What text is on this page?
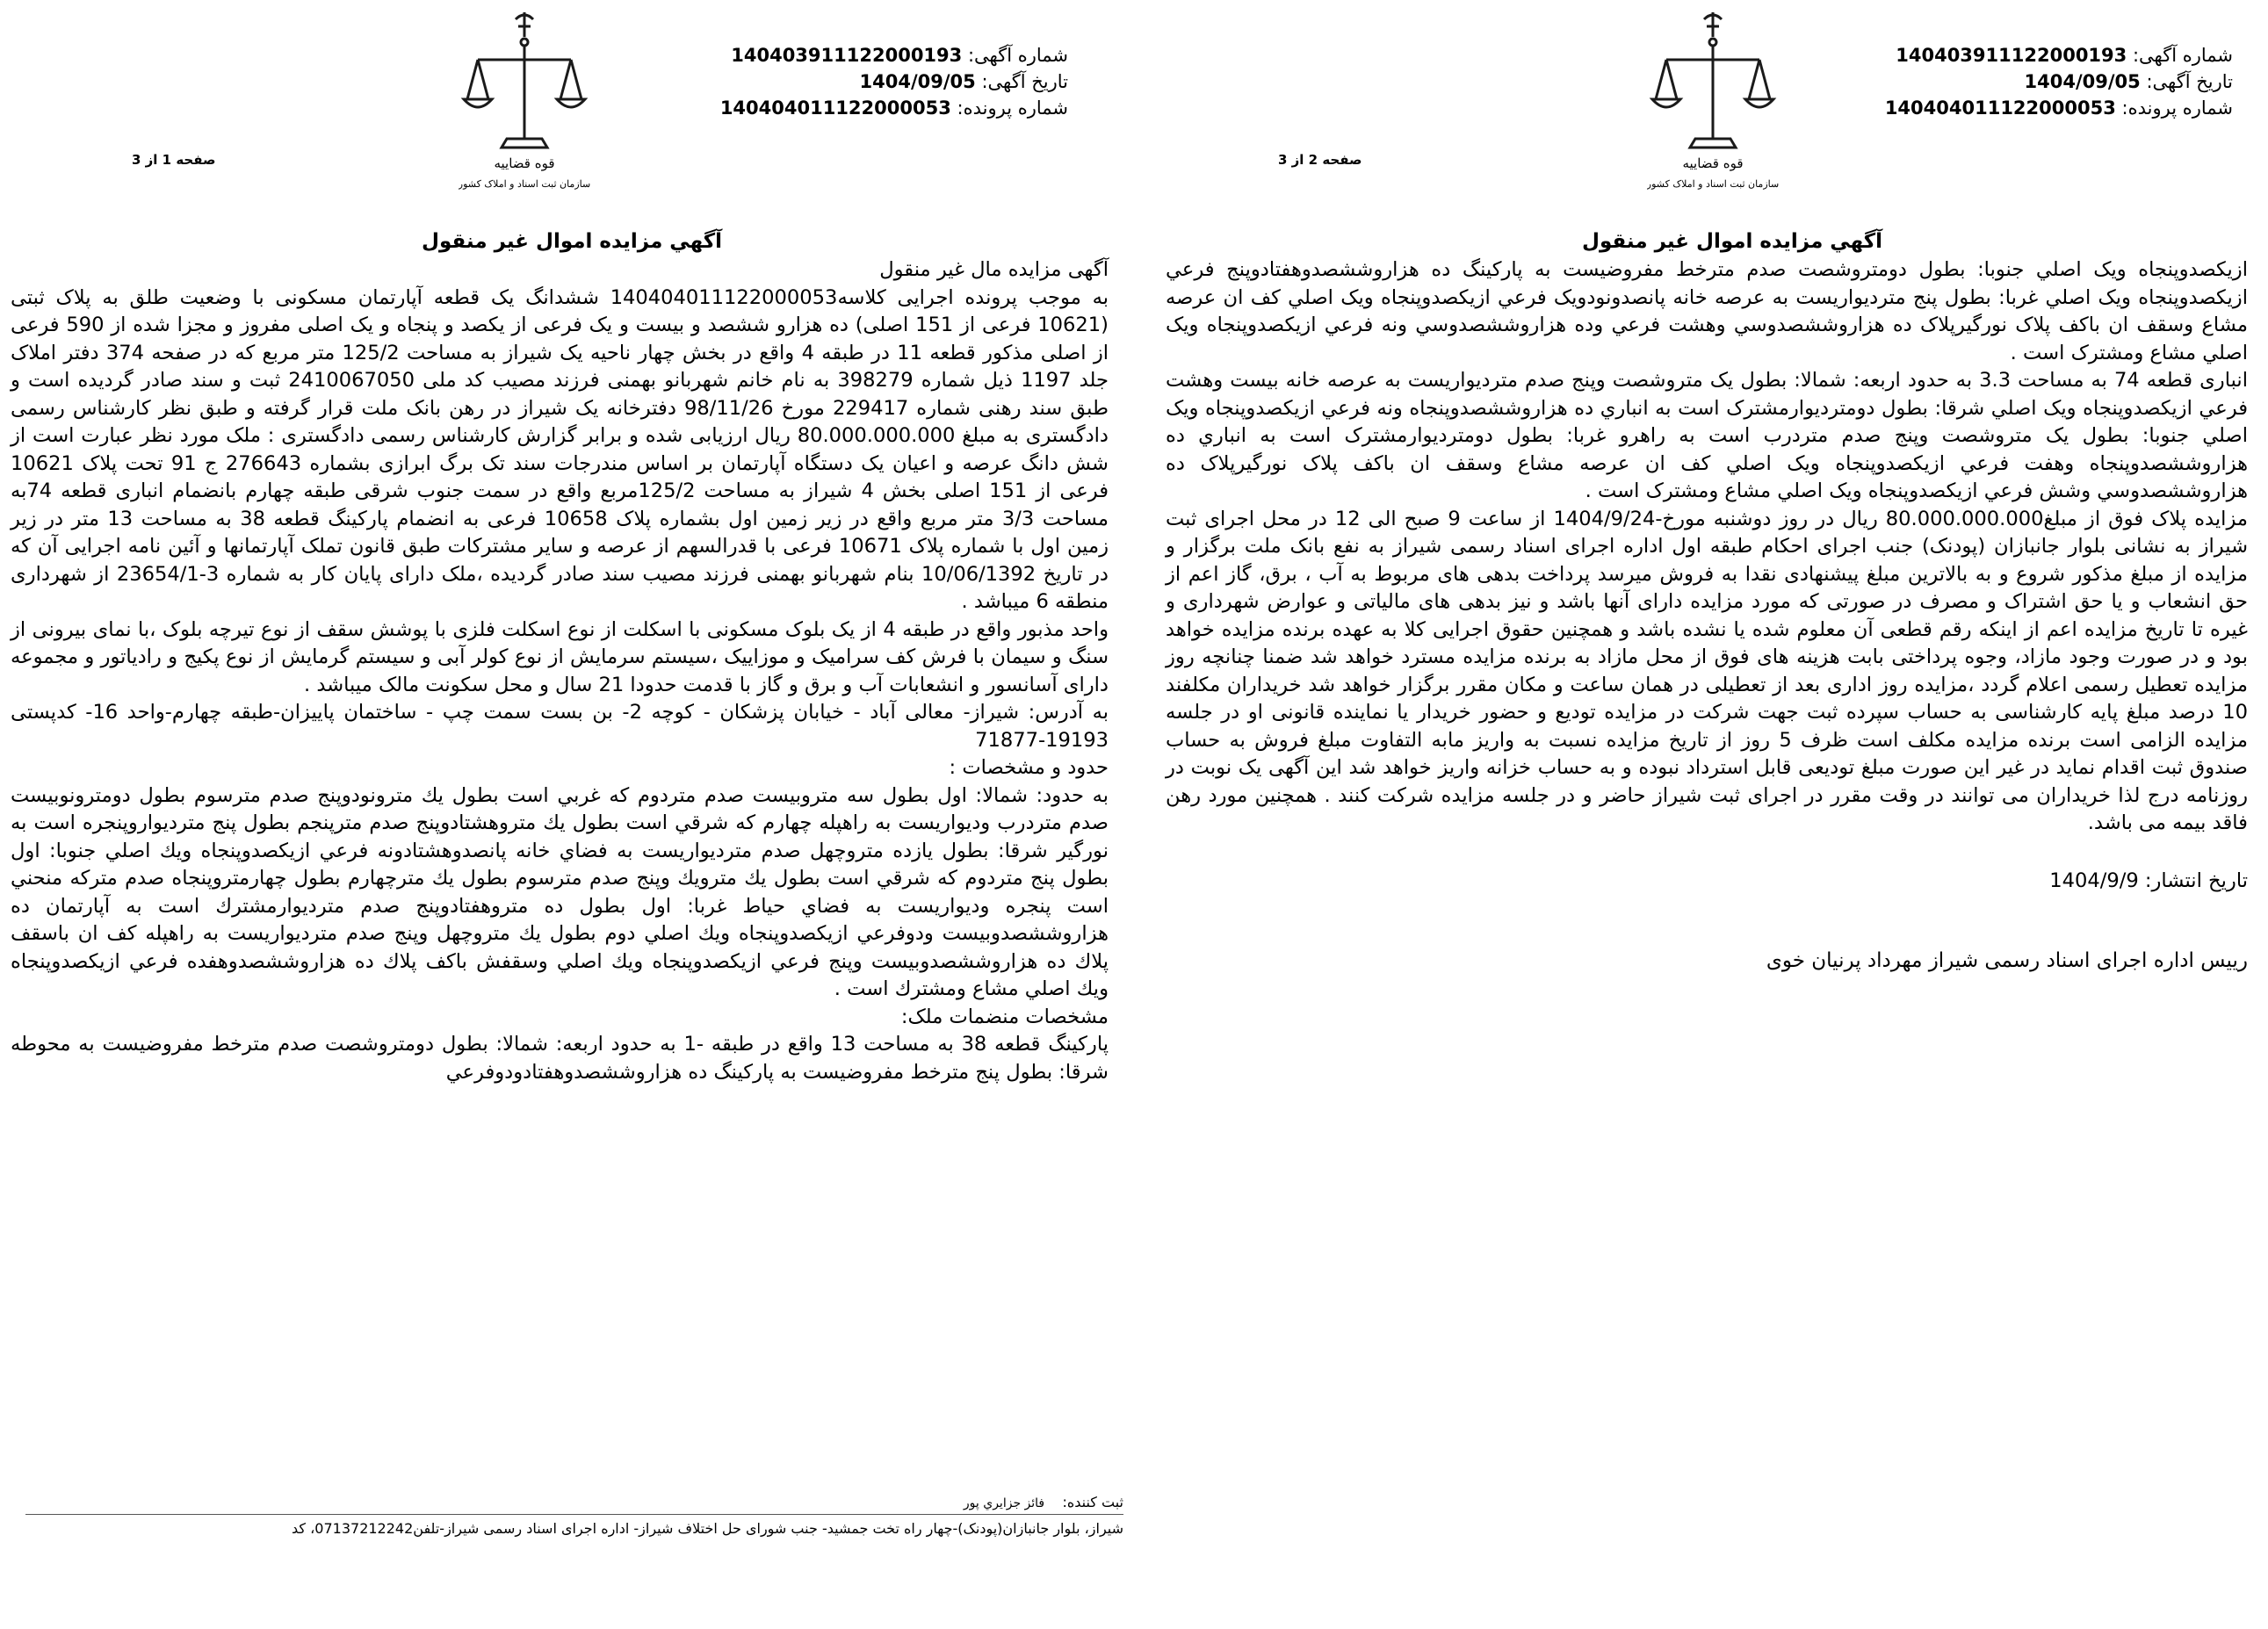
شماره آگهی: 140403911122000193
تاریخ آگهی: 1404/09/05
شماره پرونده: 140404011122000053
قوه قضاییه
سازمان ثبت اسناد و املاک کشور
صفحه 1 از 3
آگهي مزايده اموال غير منقول

آگهی مزایده مال غیر منقول

به موجب پرونده اجرایی کلاسه140404011122000053 ششدانگ یک قطعه آپارتمان مسکونی با وضعیت طلق به پلاک ثبتی (10621 فرعی از 151 اصلی) ده هزارو ششصد و بیست و یک فرعی از یکصد و پنجاه و یک اصلی مفروز و مجزا شده از 590 فرعی از اصلی مذکور قطعه 11 در طبقه 4 واقع در بخش چهار ناحیه یک شیراز به مساحت 125/2 متر مربع که در صفحه 374 دفتر املاک جلد 1197 ذیل شماره 398279 به نام خانم شهربانو بهمنی فرزند مصیب کد ملی 2410067050 ثبت و سند صادر گردیده است و طبق سند رهنی شماره 229417 مورخ 98/11/26 دفترخانه یک شیراز در رهن بانک ملت قرار گرفته و طبق نظر کارشناس رسمی دادگستری به مبلغ 80.000.000.000 ریال ارزیابی شده و برابر گزارش کارشناس رسمی دادگستری : ملک مورد نظر عبارت است از شش دانگ عرصه و اعیان یک دستگاه آپارتمان بر اساس مندرجات سند تک برگ ابرازی بشماره 276643 ج 91 تحت پلاک 10621 فرعی از 151 اصلی بخش 4 شیراز به مساحت 125/2مربع واقع در سمت جنوب شرقی طبقه چهارم بانضمام انباری قطعه 74به مساحت 3/3 متر مربع واقع در زیر زمین اول بشماره پلاک 10658 فرعی به انضمام پارکینگ قطعه 38 به مساحت 13 متر در زیر زمین اول با شماره پلاک 10671 فرعی با قدرالسهم از عرصه و سایر مشترکات طبق قانون تملک آپارتمانها و آئین نامه اجرایی آن که در تاریخ 10/06/1392 بنام شهربانو بهمنی فرزند مصیب سند صادر گردیده ،ملک دارای پایان کار به شماره 3-23654/1 از شهرداری منطقه 6 میباشد .

واحد مذبور واقع در طبقه 4 از یک بلوک مسکونی با اسکلت از نوع اسکلت فلزی با پوشش سقف از نوع تیرچه بلوک ،با نمای بیرونی از سنگ و سیمان با فرش کف سرامیک و موزاییک ،سیستم سرمایش از نوع کولر آبی و سیستم گرمایش از نوع پکیج و رادیاتور و مجموعه دارای آسانسور و انشعابات آب و برق و گاز با قدمت حدودا 21 سال و محل سکونت مالک میباشد .

به آدرس: شیراز- معالی آباد - خیابان پزشکان - کوچه 2- بن بست سمت چپ - ساختمان پاییزان-طبقه چهارم-واحد 16- کدپستی 19193-71877

حدود و مشخصات :

به حدود: شمالا: اول بطول سه متروبيست صدم متردوم كه غربي است بطول يك مترونودوپنج صدم مترسوم بطول دومترونوبيست صدم متردرب وديواريست به راهپله چهارم كه شرقي است بطول يك متروهشتادوپنج صدم مترپنجم بطول پنج متردیوارو‌پنجره است به نورگير شرقا: بطول يازده متروچهل صدم مترديواريست به فضاي خانه پانصدوهشتادونه فرعي ازيكصدوپنجاه ويك اصلي جنوبا: اول بطول پنج متردوم كه شرقي است بطول يك مترويك وپنج صدم مترسوم بطول يك مترچهارم بطول چهارمتروپنجاه صدم متركه منحني است پنجره وديواريست به فضاي حياط غربا: اول بطول ده متروهفتادوپنج صدم مترديوارمشترك است به آپارتمان ده هزاروششصدوبيست ودوفرعي ازيكصدوپنجاه ويك اصلي دوم بطول يك متروچهل وپنج صدم مترديواريست به راهپله كف ان باسقف پلاك ده هزاروششصدوبيست وپنج فرعي ازيكصدوپنجاه ويك اصلي وسقفش باكف پلاك ده هزاروششصدوهفده فرعي ازيكصدوپنجاه ويك اصلي مشاع ومشترك است .

مشخصات منضمات ملک:

پارکینگ قطعه 38 به مساحت 13 واقع در طبقه -1 به حدود اربعه: شمالا: بطول دومتروشصت صدم مترخط مفروضيست به محوطه شرقا: بطول پنج مترخط مفروضيست به پاركينگ ده هزاروششصدوهفتادودوفرعي

شماره آگهی: 140403911122000193
تاریخ آگهی: 1404/09/05
شماره پرونده: 140404011122000053
قوه قضاییه
سازمان ثبت اسناد و املاک کشور
صفحه 2 از 3
آگهي مزايده اموال غير منقول

ازيكصدوپنجاه ويک اصلي جنوبا: بطول دومتروشصت صدم مترخط مفروضيست به پاركينگ ده هزاروششصدوهفتادوپنج فرعي ازيكصدوپنجاه ويک اصلي غربا: بطول پنج مترديواريست به عرصه خانه پانصدونودويک فرعي ازيكصدوپنجاه ويک اصلي كف ان عرصه مشاع وسقف ان باكف پلاک نورگيرپلاک ده هزاروششصدوسي وهشت فرعي وده هزاروششصدوسي ونه فرعي ازيكصدوپنجاه ويک اصلي مشاع ومشترک است .

انباری قطعه 74 به مساحت 3.3 به حدود اربعه: شمالا: بطول يک متروشصت وپنج صدم مترديواريست به عرصه خانه بيست وهشت فرعي ازيكصدوپنجاه ويک اصلي شرقا: بطول دومترديوارمشترک است به انباري ده هزاروششصدوپنجاه ونه فرعي ازيكصدوپنجاه ويک اصلي جنوبا: بطول يک متروشصت وپنج صدم متردرب است به راهرو غربا: بطول دومترديوارمشترک است به انباري ده هزاروششصدوپنجاه وهفت فرعي ازيكصدوپنجاه ويک اصلي كف ان عرصه مشاع وسقف ان باكف پلاک نورگيرپلاک ده هزاروششصدوسي وشش فرعي ازيكصدوپنجاه ويک اصلي مشاع ومشترک است .

مزایده پلاک فوق از مبلغ80.000.000.000 ریال در روز دوشنبه مورخ-1404/9/24 از ساعت 9 صبح الی 12 در محل اجرای ثبت شیراز به نشانی بلوار جانبازان (پودنک) جنب اجرای احکام طبقه اول اداره اجرای اسناد رسمی شیراز به نفع بانک ملت برگزار و مزایده از مبلغ مذکور شروع و به بالاترین مبلغ پیشنهادی نقدا به فروش میرسد پرداخت بدهی های مربوط به آب ، برق، گاز اعم از حق انشعاب و یا حق اشتراک و مصرف در صورتی که مورد مزایده دارای آنها باشد و نیز بدهی های مالیاتی و عوارض شهرداری و غیره تا تاریخ مزایده اعم از اینکه رقم قطعی آن معلوم شده یا نشده باشد و همچنین حقوق اجرایی کلا به عهده برنده مزایده خواهد بود و در صورت وجود مازاد، وجوه پرداختی بابت هزینه های فوق از محل مازاد به برنده مزایده مسترد خواهد شد ضمنا چنانچه روز مزایده تعطیل رسمی اعلام گردد ،مزایده روز اداری بعد از تعطیلی در همان ساعت و مکان مقرر برگزار خواهد شد خریداران مکلفند 10 درصد مبلغ پایه کارشناسی به حساب سپرده ثبت جهت شرکت در مزایده تودیع و حضور خریدار یا نماینده قانونی او در جلسه مزایده الزامی است برنده مزایده مکلف است ظرف 5 روز از تاریخ مزایده نسبت به واریز مابه التفاوت مبلغ فروش به حساب صندوق ثبت اقدام نماید در غیر این صورت مبلغ تودیعی قابل استرداد نبوده و به حساب خزانه واریز خواهد شد این آگهی یک نوبت در روزنامه درج لذا خریداران می توانند در وقت مقرر در اجرای ثبت شیراز حاضر و در جلسه مزایده شرکت کنند . همچنین مورد رهن فاقد بیمه می باشد.

تاریخ انتشار: 1404/9/9

رییس اداره اجرای اسناد رسمی شیراز مهرداد پرنیان خوی

ثبت کننده:    فائز جزايري پور
شیراز، بلوار جانبازان(پودنک)-چهار راه تخت جمشید- جنب شورای حل اختلاف شیراز- اداره اجرای اسناد رسمی شیراز-تلفن07137212242، کد
